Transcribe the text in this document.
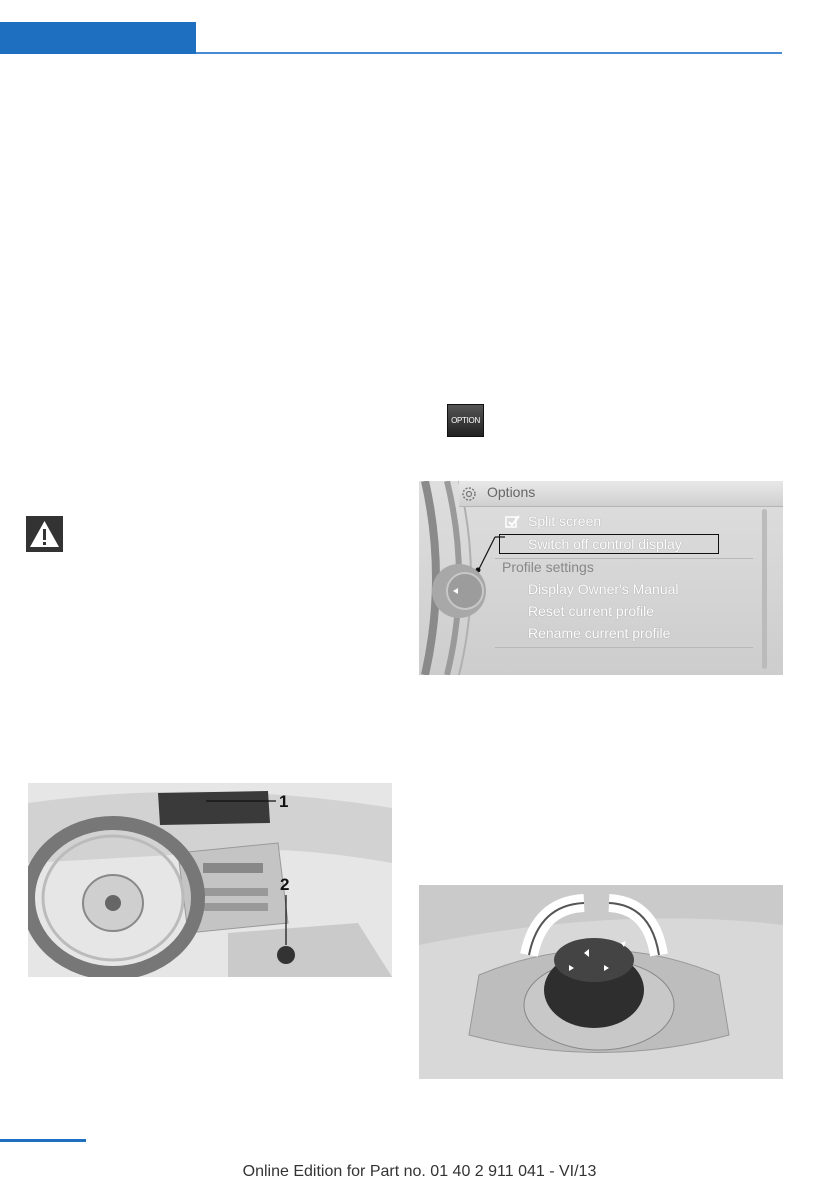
OPTION
Options
Split screen
Switch off control display
Profile settings
Display Owner's Manual
Reset current profile
Rename current profile
1
2
Online Edition for Part no. 01 40 2 911 041 - VI/13
